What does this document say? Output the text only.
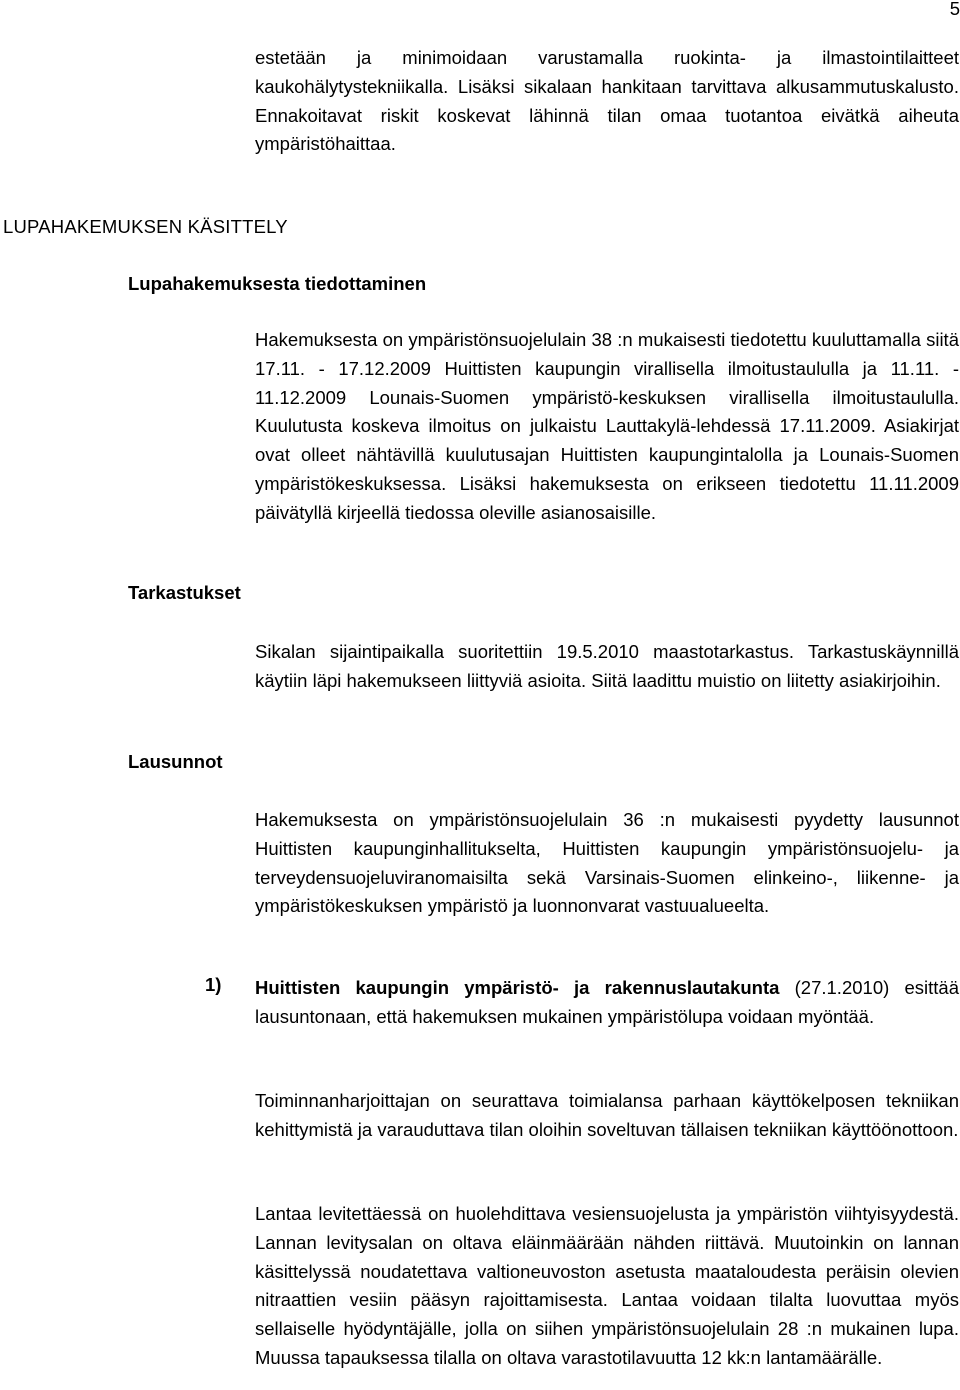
5

estetään ja minimoidaan varustamalla ruokinta- ja ilmastointilaitteet kaukohälytystekniikalla. Lisäksi sikalaan hankitaan tarvittava alkusammutuskalusto. Ennakoitavat riskit koskevat lähinnä tilan omaa tuotantoa eivätkä aiheuta ympäristöhaittaa.

LUPAHAKEMUKSEN KÄSITTELY
Lupahakemuksesta tiedottaminen

Hakemuksesta on ympäristönsuojelulain 38 :n mukaisesti tiedotettu kuuluttamalla siitä 17.11. - 17.12.2009 Huittisten kaupungin virallisella ilmoitustaululla ja 11.11. - 11.12.2009 Lounais-Suomen ympäristö-keskuksen virallisella ilmoitustaululla. Kuulutusta koskeva ilmoitus on julkaistu Lauttakylä-lehdessä 17.11.2009. Asiakirjat ovat olleet nähtävillä kuulutusajan Huittisten kaupungintalolla ja Lounais-Suomen ympäristökeskuksessa. Lisäksi hakemuksesta on erikseen tiedotettu 11.11.2009 päivätyllä kirjeellä tiedossa oleville asianosaisille.

Tarkastukset

Sikalan sijaintipaikalla suoritettiin 19.5.2010 maastotarkastus. Tarkastuskäynnillä käytiin läpi hakemukseen liittyviä asioita. Siitä laadittu muistio on liitetty asiakirjoihin.

Lausunnot

Hakemuksesta on ympäristönsuojelulain 36 :n mukaisesti pyydetty lausunnot Huittisten kaupunginhallitukselta, Huittisten kaupungin ympäristönsuojelu- ja terveydensuojeluviranomaisilta sekä Varsinais-Suomen elinkeino-, liikenne- ja ympäristökeskuksen ympäristö ja luonnonvarat vastuualueelta.

1) Huittisten kaupungin ympäristö- ja rakennuslautakunta (27.1.2010) esittää lausuntonaan, että hakemuksen mukainen ympäristölupa voidaan myöntää.

Toiminnanharjoittajan on seurattava toimialansa parhaan käyttökelposen tekniikan kehittymistä ja varauduttava tilan oloihin soveltuvan tällaisen tekniikan käyttöönottoon.

Lantaa levitettäessä on huolehdittava vesiensuojelusta ja ympäristön viihtyisyydestä. Lannan levitysalan on oltava eläinmäärään nähden riittävä. Muutoinkin on lannan käsittelyssä noudatettava valtioneuvoston asetusta maataloudesta peräisin olevien nitraattien vesiin pääsyn rajoittamisesta. Lantaa voidaan tilalta luovuttaa myös sellaiselle hyödyntäjälle, jolla on siihen ympäristönsuojelulain 28 :n mukainen lupa. Muussa tapauksessa tilalla on oltava varastotilavuutta 12 kk:n lantamäärälle.
